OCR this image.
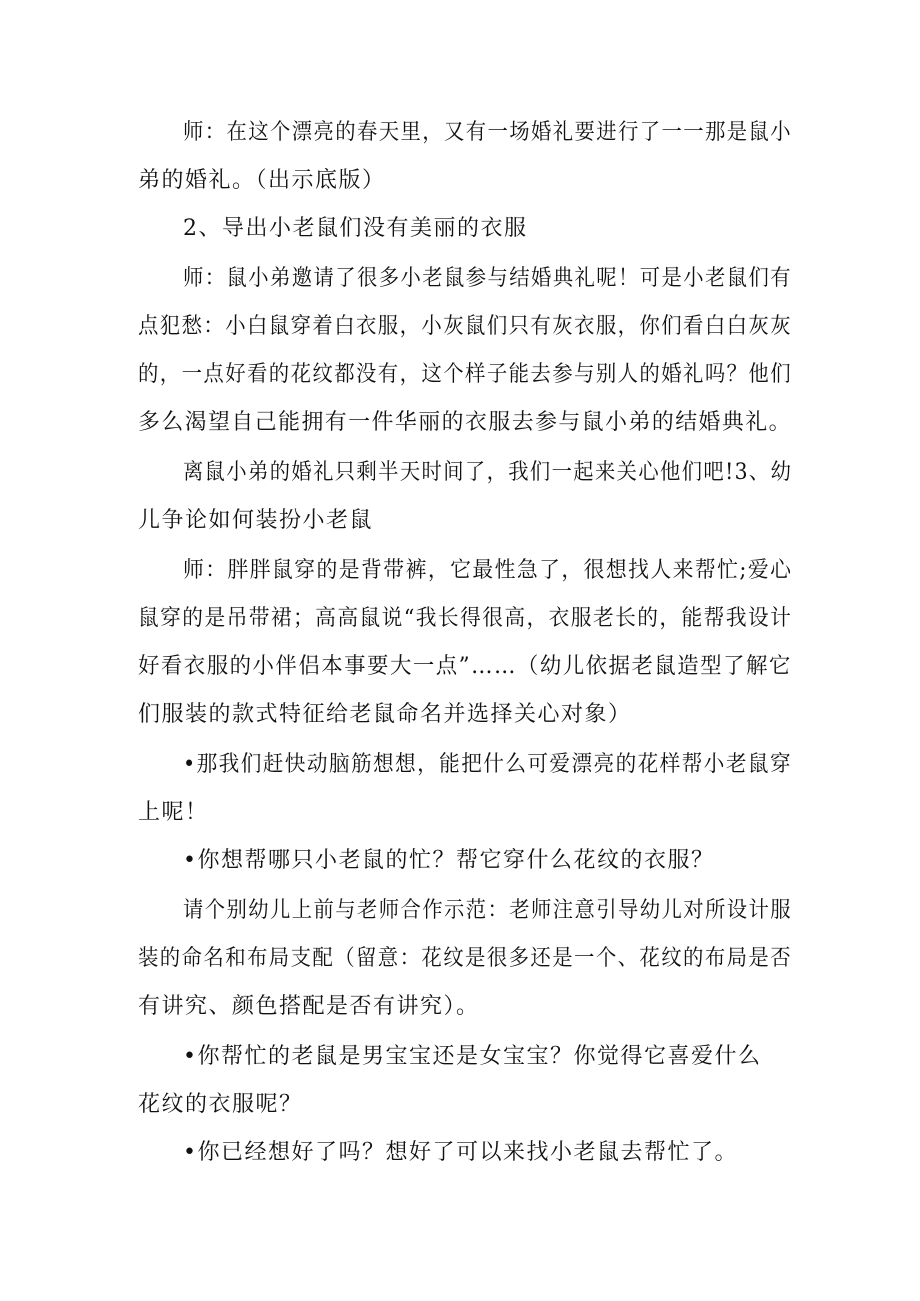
师：在这个漂亮的春天里，又有一场婚礼要进行了一一那是鼠小
弟的婚礼。（出示底版）
2、导出小老鼠们没有美丽的衣服
师：鼠小弟邀请了很多小老鼠参与结婚典礼呢！可是小老鼠们有
点犯愁：小白鼠穿着白衣服，小灰鼠们只有灰衣服，你们看白白灰灰
的，一点好看的花纹都没有，这个样子能去参与别人的婚礼吗？他们
多么渴望自己能拥有一件华丽的衣服去参与鼠小弟的结婚典礼。
离鼠小弟的婚礼只剩半天时间了，我们一起来关心他们吧!3、幼
儿争论如何装扮小老鼠
师：胖胖鼠穿的是背带裤，它最性急了，很想找人来帮忙;爱心
鼠穿的是吊带裙；高高鼠说“我长得很高，衣服老长的，能帮我设计
好看衣服的小伴侣本事要大一点”……（幼儿依据老鼠造型了解它
们服装的款式特征给老鼠命名并选择关心对象）
•那我们赶快动脑筋想想，能把什么可爱漂亮的花样帮小老鼠穿
上呢！
•你想帮哪只小老鼠的忙？帮它穿什么花纹的衣服？
请个别幼儿上前与老师合作示范：老师注意引导幼儿对所设计服
装的命名和布局支配（留意：花纹是很多还是一个、花纹的布局是否
有讲究、颜色搭配是否有讲究）。
•你帮忙的老鼠是男宝宝还是女宝宝？你觉得它喜爱什么
花纹的衣服呢？
•你已经想好了吗？想好了可以来找小老鼠去帮忙了。
